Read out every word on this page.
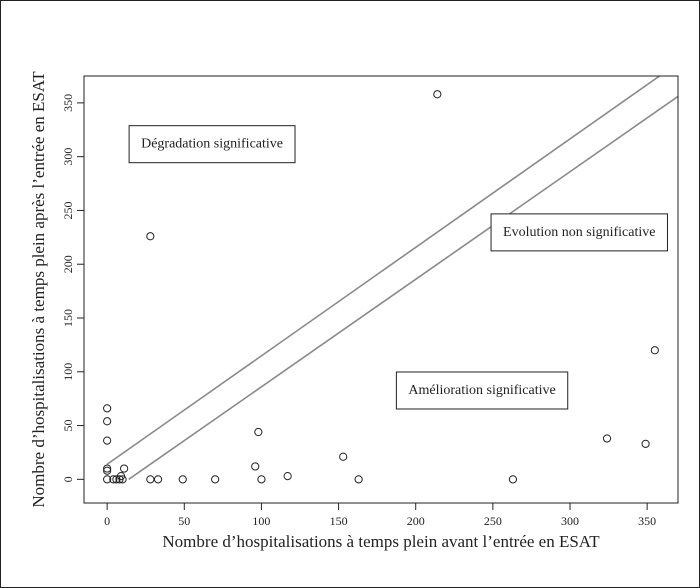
0	50	100	150	200	250	300	350
0
50
100
150
200
250
300
350
Nombre d’hospitalisations à temps plein avant l’entrée en ESAT
Nombre d’hospitalisations à temps plein après l’entrée en ESAT	Dégradation significative
Evolution non significative
Amélioration significative
